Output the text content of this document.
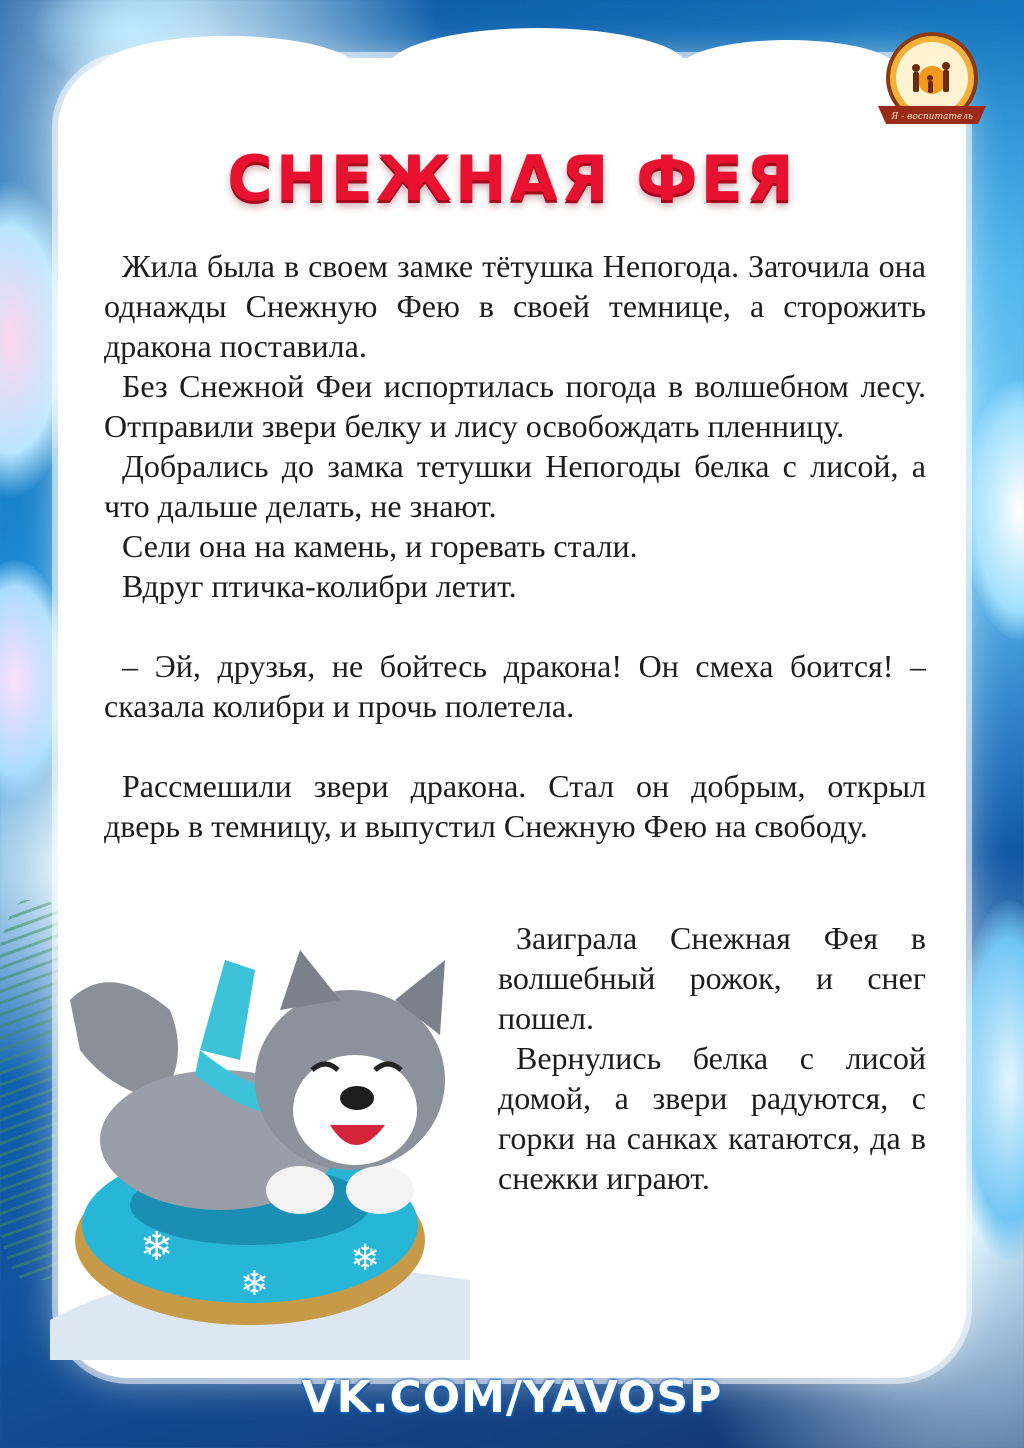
Я - воспитатель
СНЕЖНАЯ ФЕЯ

Жила была в своем замке тётушка Непогода. Заточила она однажды Снежную Фею в своей темнице, а сторожить дракона поставила.

Без Снежной Феи испортилась погода в волшебном лесу. Отправили звери белку и лису освобождать пленницу.

Добрались до замка тетушки Непогоды белка с лисой, а что дальше делать, не знают.

Сели она на камень, и горевать стали.

Вдруг птичка-колибри летит.

– Эй, друзья, не бойтесь дракона! Он смеха боится! – сказала колибри и прочь полетела.

Рассмешили звери дракона. Стал он добрым, открыл дверь в темницу, и выпустил Снежную Фею на свободу.

Заиграла Снежная Фея в волшебный рожок, и снег пошел.

Вернулись белка с лисой домой, а звери радуются, с горки на санках катаются, да в снежки играют.

❄	❄
❄
VK.COM/YAVOSP
